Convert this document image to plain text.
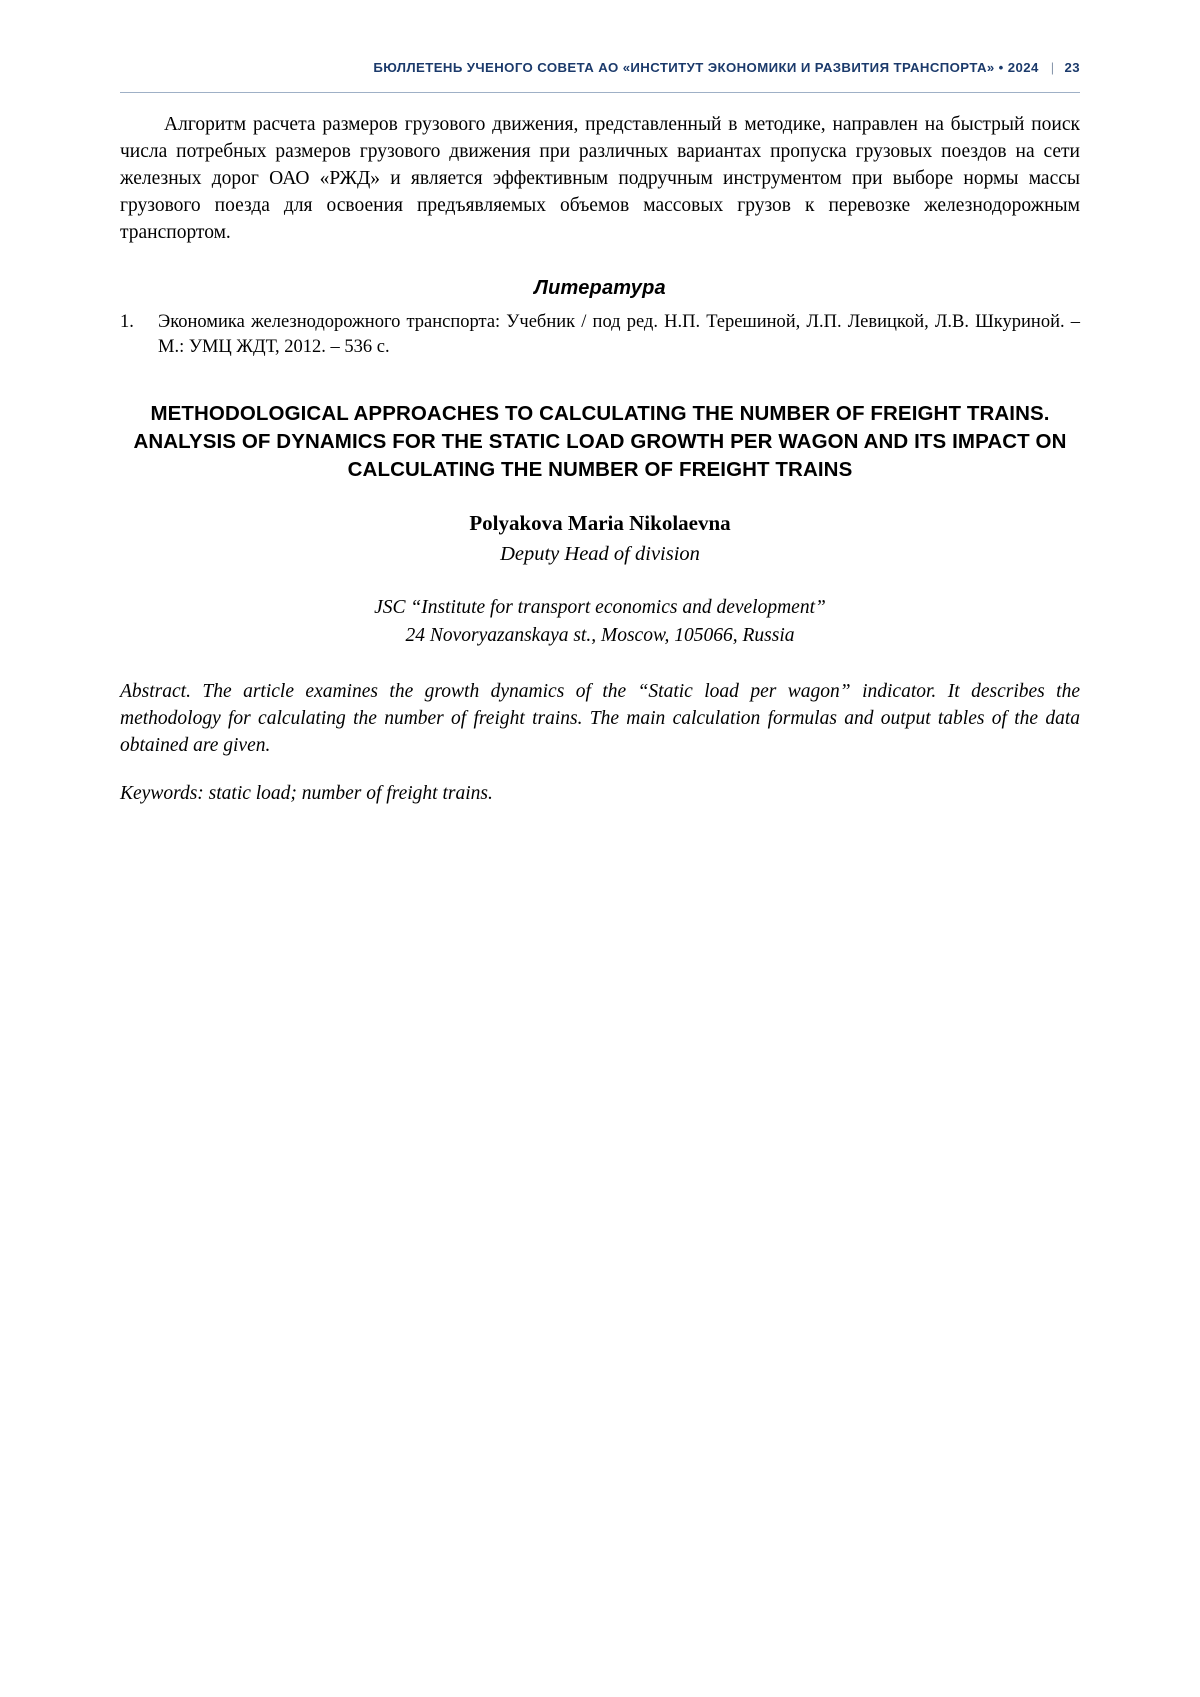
БЮЛЛЕТЕНЬ УЧЕНОГО СОВЕТА АО «ИНСТИТУТ ЭКОНОМИКИ И РАЗВИТИЯ ТРАНСПОРТА» • 2024 | 23

Алгоритм расчета размеров грузового движения, представленный в методике, направлен на быстрый поиск числа потребных размеров грузового движения при различных вариантах пропуска грузовых поездов на сети железных дорог ОАО «РЖД» и является эффективным подручным инструментом при выборе нормы массы грузового поезда для освоения предъявляемых объемов массовых грузов к перевозке железнодорожным транспортом.

Литература
1.	Экономика железнодорожного транспорта: Учебник / под ред. Н.П. Терешиной, Л.П. Левицкой, Л.В. Шкуриной. – М.: УМЦ ЖДТ, 2012. – 536 с.
METHODOLOGICAL APPROACHES TO CALCULATING THE NUMBER OF FREIGHT TRAINS. ANALYSIS OF DYNAMICS FOR THE STATIC LOAD GROWTH PER WAGON AND ITS IMPACT ON CALCULATING THE NUMBER OF FREIGHT TRAINS
Polyakova Maria Nikolaevna
Deputy Head of division
JSC “Institute for transport economics and development”
24 Novoryazanskaya st., Moscow, 105066, Russia

Abstract. The article examines the growth dynamics of the “Static load per wagon” indicator. It describes the methodology for calculating the number of freight trains. The main calculation formulas and output tables of the data obtained are given.

Keywords: static load; number of freight trains.
